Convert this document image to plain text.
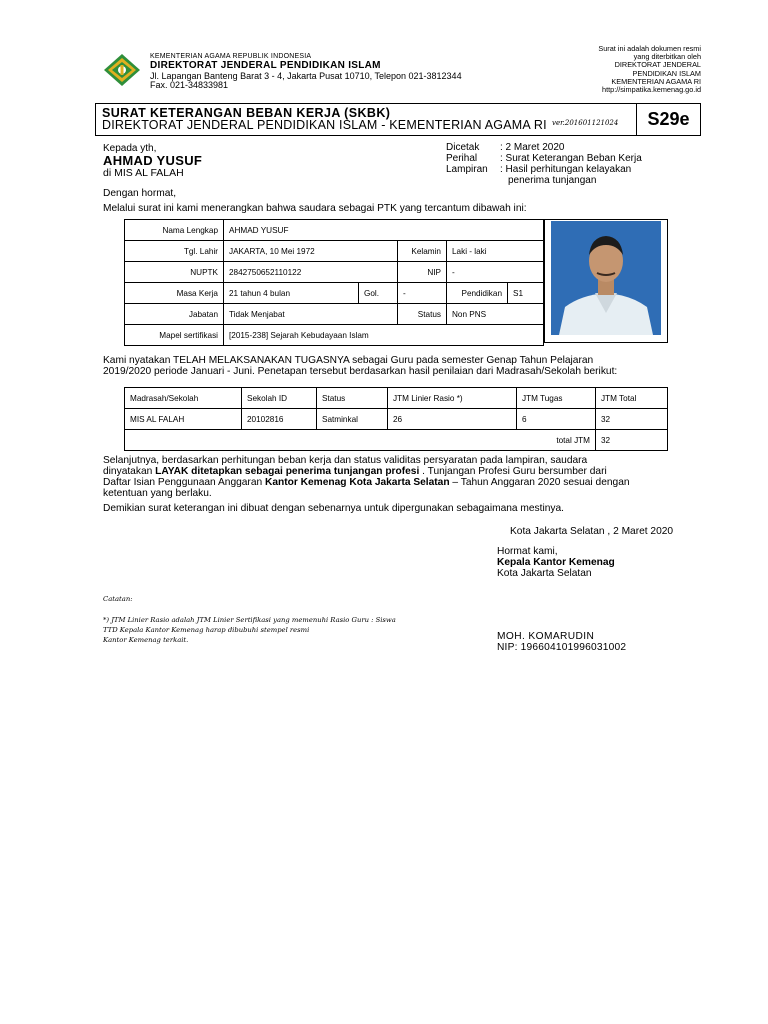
KEMENTERIAN AGAMA REPUBLIK INDONESIA
DIREKTORAT JENDERAL PENDIDIKAN ISLAM
Jl. Lapangan Banteng Barat 3 - 4, Jakarta Pusat 10710, Telepon 021-3812344
Fax. 021-34833981
Surat ini adalah dokumen resmi
yang diterbitkan oleh
DIREKTORAT JENDERAL
PENDIDIKAN ISLAM
KEMENTERIAN AGAMA RI
http://simpatika.kemenag.go.id
SURAT KETERANGAN BEBAN KERJA (SKBK)
DIREKTORAT JENDERAL PENDIDIKAN ISLAM - KEMENTERIAN AGAMA RI ver.201601121024	S29e
Kepada yth,
AHMAD YUSUF
di MIS AL FALAH
Dicetak	: 2 Maret 2020
Perihal	: Surat Keterangan Beban Kerja
Lampiran	: Hasil perhitungan kelayakan
penerima tunjangan
Dengan hormat,
Melalui surat ini kami menerangkan bahwa saudara sebagai PTK yang tercantum dibawah ini:
Nama Lengkap	AHMAD YUSUF				
Tgl. Lahir	JAKARTA, 10 Mei 1972		Kelamin	Laki - laki	
NUPTK	2842750652110122		NIP	-	
Masa Kerja	21 tahun 4 bulan	Gol.	-	Pendidikan	S1
Jabatan	Tidak Menjabat		Status	Non PNS	
Mapel sertifikasi	[2015-238] Sejarah Kebudayaan Islam				
Kami nyatakan TELAH MELAKSANAKAN TUGASNYA sebagai Guru pada semester Genap Tahun Pelajaran
2019/2020 periode Januari - Juni. Penetapan tersebut berdasarkan hasil penilaian dari Madrasah/Sekolah berikut:
Madrasah/Sekolah	Sekolah ID	Status	JTM Linier Rasio *)	JTM Tugas	JTM Total
MIS AL FALAH	20102816	Satminkal	26	6	32
total JTM					32
Selanjutnya, berdasarkan perhitungan beban kerja dan status validitas persyaratan pada lampiran, saudara
dinyatakan LAYAK ditetapkan sebagai penerima tunjangan profesi . Tunjangan Profesi Guru bersumber dari
Daftar Isian Penggunaan Anggaran Kantor Kemenag Kota Jakarta Selatan – Tahun Anggaran 2020 sesuai dengan
ketentuan yang berlaku.
Demikian surat keterangan ini dibuat dengan sebenarnya untuk dipergunakan sebagaimana mestinya.
Kota Jakarta Selatan , 2 Maret 2020
Hormat kami,
Kepala Kantor Kemenag
Kota Jakarta Selatan
MOH. KOMARUDIN
NIP: 196604101996031002
Catatan:
*) JTM Linier Rasio adalah JTM Linier Sertifikasi yang memenuhi Rasio Guru : Siswa
TTD Kepala Kantor Kemenag harap dibubuhi stempel resmi
Kantor Kemenag terkait.
